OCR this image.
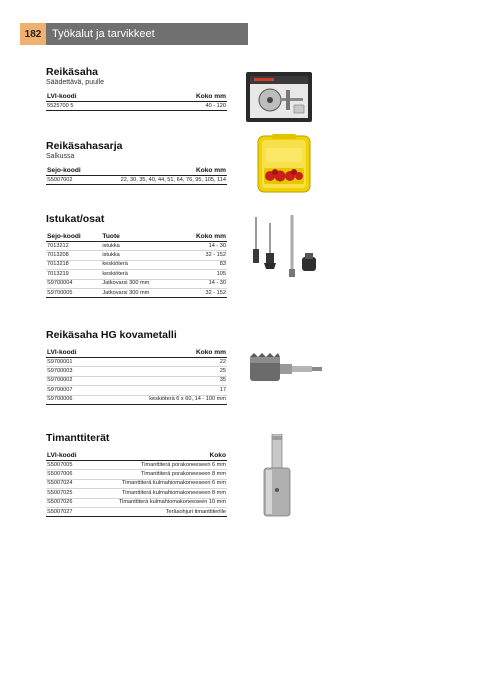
182 Työkalut ja tarvikkeet
Reikäsaha
Säädettävä, puulle
LVI-koodi	Koko mm
5525700 5	40 - 120
Reikäsahasarja
Salkussa
Sejo-koodi	Koko mm
S5007002	22, 30, 35, 40, 44, 51, 64, 76, 95, 105, 114
Istukat/osat
Sejo-koodi	Tuote	Koko mm
7013212	istukka	14 - 30
7013208	istukka	32 - 152
7013218	keskiöterä	83
7013219	keskiöterä	105
S9700004	Jatkovarsi 300 mm	14 - 30
S9700005	Jatkovarsi 300 mm	32 - 152
Reikäsaha HG kovametalli
LVI-koodi	Koko mm
S9700001	22
S9700003	25
S9700002	35
S9700007	17
S9700006	keskiöterä 6 x 60, 14 - 100 mm
Timanttiterät
LVI-koodi	Koko
S5007005	Timanttiterä porakoneeseen 6 mm
S5007006	Timanttiterä porakoneeseen 8 mm
S5007024	Timanttiterä kulmahiomakoneeseen 6 mm
S5007025	Timanttiterä kulmahiomakoneeseen 8 mm
S5007026	Timanttiterä kulmahiomakoneeseen 10 mm
S5007027	Teräsohjuri timanttiterille
